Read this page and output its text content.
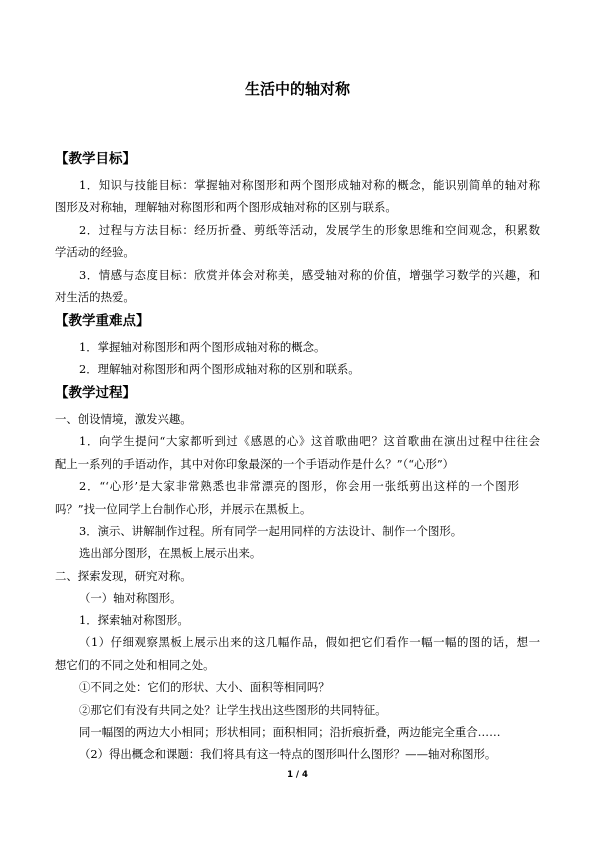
生活中的轴对称
【教学目标】
1．知识与技能目标：掌握轴对称图形和两个图形成轴对称的概念，能识别简单的轴对称
图形及对称轴，理解轴对称图形和两个图形成轴对称的区别与联系。
2．过程与方法目标：经历折叠、剪纸等活动，发展学生的形象思维和空间观念，积累数
学活动的经验。
3．情感与态度目标：欣赏并体会对称美，感受轴对称的价值，增强学习数学的兴趣，和
对生活的热爱。
【教学重难点】
1．掌握轴对称图形和两个图形成轴对称的概念。
2．理解轴对称图形和两个图形成轴对称的区别和联系。
【教学过程】
一、创设情境，激发兴趣。
1．向学生提问“大家都听到过《感恩的心》这首歌曲吧？这首歌曲在演出过程中往往会
配上一系列的手语动作，其中对你印象最深的一个手语动作是什么？”（“心形”）
2．“‘心形’是大家非常熟悉也非常漂亮的图形，你会用一张纸剪出这样的一个图形
吗？”找一位同学上台制作心形，并展示在黑板上。
3．演示、讲解制作过程。所有同学一起用同样的方法设计、制作一个图形。
选出部分图形，在黑板上展示出来。
二、探索发现，研究对称。
（一）轴对称图形。
1．探索轴对称图形。
（1）仔细观察黑板上展示出来的这几幅作品，假如把它们看作一幅一幅的图的话，想一
想它们的不同之处和相同之处。
①不同之处：它们的形状、大小、面积等相同吗？
②那它们有没有共同之处？让学生找出这些图形的共同特征。
同一幅图的两边大小相同；形状相同；面积相同；沿折痕折叠，两边能完全重合……
（2）得出概念和课题：我们将具有这一特点的图形叫什么图形？——轴对称图形。
1 / 4
